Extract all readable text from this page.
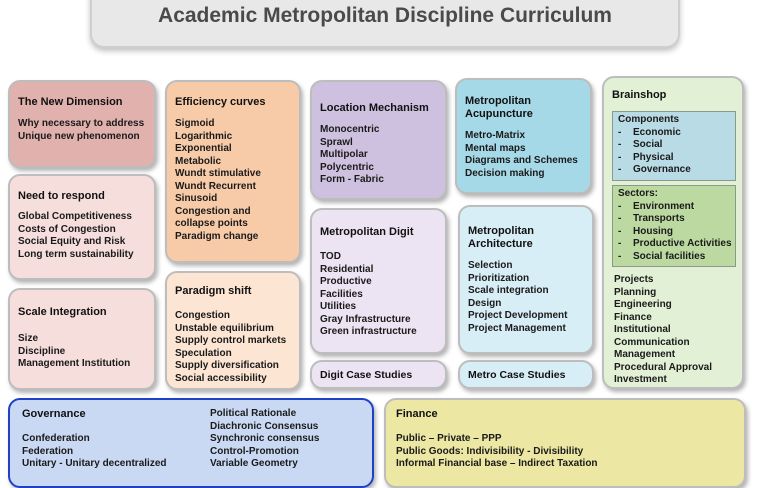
Academic Metropolitan Discipline Curriculum
The New Dimension
Why necessary to address
Unique new phenomenon
Need to respond
Global Competitiveness
Costs of Congestion
Social Equity and Risk
Long term sustainability
Scale Integration
Size
Discipline
Management Institution
Efficiency curves
Sigmoid
Logarithmic
Exponential
Metabolic
Wundt stimulative
Wundt Recurrent
Sinusoid
Congestion and
collapse points
Paradigm change
Paradigm shift
Congestion
Unstable equilibrium
Supply control markets
Speculation
Supply diversification
Social accessibility
Location Mechanism
Monocentric
Sprawl
Multipolar
Polycentric
Form - Fabric
Metropolitan Digit
TOD
Residential
Productive
Facilities
Utilities
Gray Infrastructure
Green infrastructure
Digit Case Studies
Metropolitan
Acupuncture
Metro-Matrix
Mental maps
Diagrams and Schemes
Decision making
Metropolitan
Architecture
Selection
Prioritization
Scale integration
Design
Project Development
Project Management
Metro Case Studies
Brainshop
Components
- Economic
- Social
- Physical
- Governance
Sectors:
- Environment
- Transports
- Housing
- Productive Activities
- Social facilities
Projects
Planning
Engineering
Finance
Institutional
Communication
Management
Procedural Approval
Investment
Governance
Confederation
Federation
Unitary - Unitary decentralized
Political Rationale
Diachronic Consensus
Synchronic consensus
Control-Promotion
Variable Geometry
Finance
Public – Private – PPP
Public Goods: Indivisibility - Divisibility
Informal Financial base – Indirect Taxation
